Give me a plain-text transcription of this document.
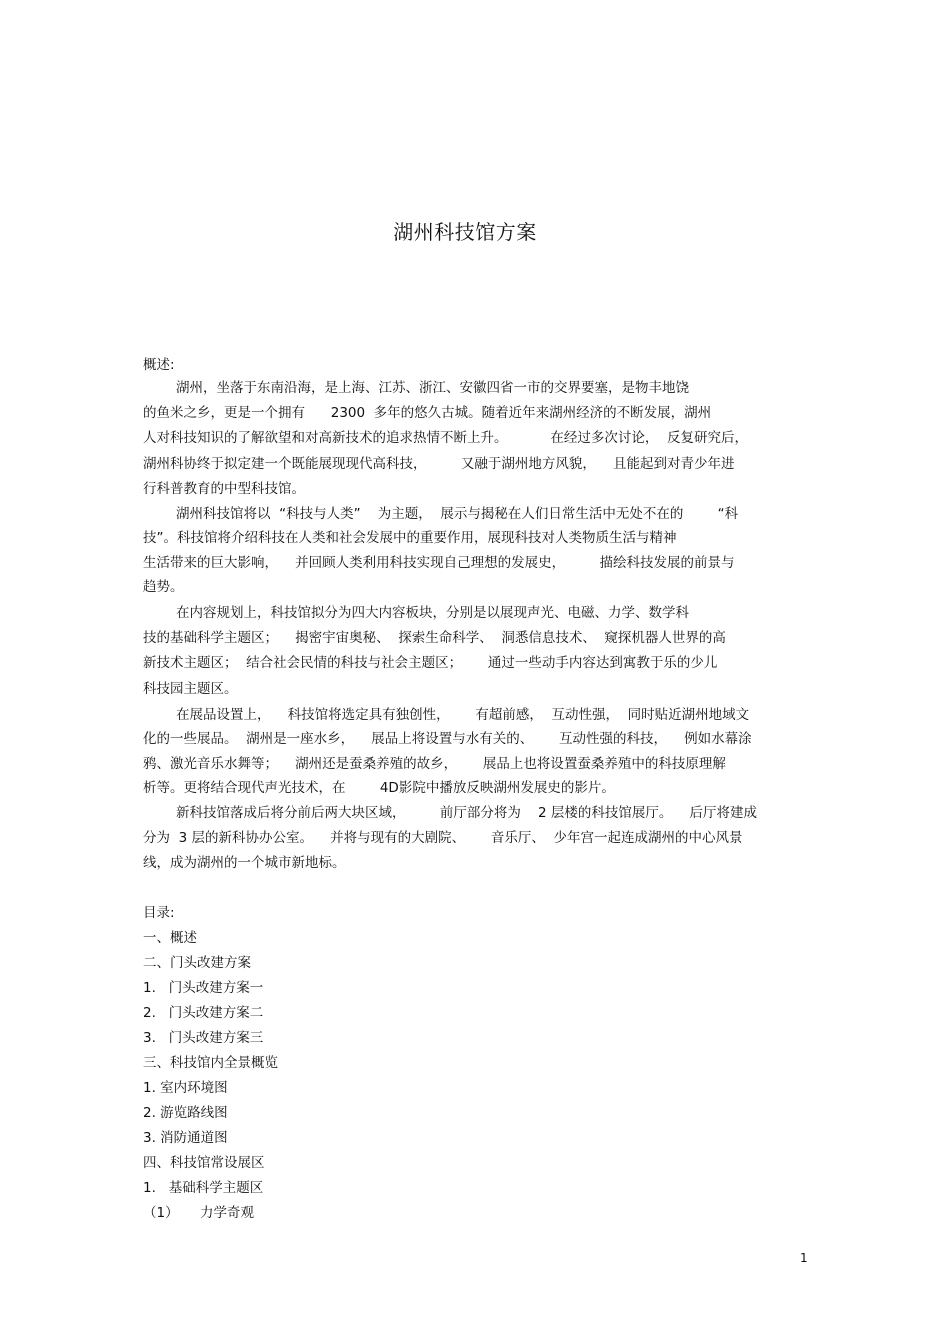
湖州科技馆方案
概述:
湖州，坐落于东南沿海，是上海、江苏、浙江、安徽四省一市的交界要塞，是物丰地饶
的鱼米之乡，更是一个拥有      2300  多年的悠久古城。随着近年来湖州经济的不断发展，湖州
人对科技知识的了解欲望和对高新技术的追求热情不断上升。          在经过多次讨论，  反复研究后，
湖州科协终于拟定建一个既能展现现代高科技，        又融于湖州地方风貌，    且能起到对青少年进
行科普教育的中型科技馆。
湖州科技馆将以  “科技与人类”    为主题，  展示与揭秘在人们日常生活中无处不在的        “科
技”。科技馆将介绍科技在人类和社会发展中的重要作用，展现科技对人类物质生活与精神
生活带来的巨大影响，    并回顾人类利用科技实现自己理想的发展史，        描绘科技发展的前景与
趋势。
在内容规划上，科技馆拟分为四大内容板块，分别是以展现声光、电磁、力学、数学科
技的基础科学主题区；    揭密宇宙奥秘、  探索生命科学、  洞悉信息技术、  窥探机器人世界的高
新技术主题区；  结合社会民情的科技与社会主题区；      通过一些动手内容达到寓教于乐的少儿
科技园主题区。
在展品设置上，    科技馆将选定具有独创性，      有超前感，  互动性强，  同时贴近湖州地域文
化的一些展品。  湖州是一座水乡，    展品上将设置与水有关的、      互动性强的科技，    例如水幕涂
鸦、激光音乐水舞等；    湖州还是蚕桑养殖的故乡，      展品上也将设置蚕桑养殖中的科技原理解
析等。更将结合现代声光技术，在        4D影院中播放反映湖州发展史的影片。
新科技馆落成后将分前后两大块区域，        前厅部分将为    2 层楼的科技馆展厅。    后厅将建成
分为  3 层的新科协办公室。    并将与现有的大剧院、      音乐厅、  少年宫一起连成湖州的中心风景
线，成为湖州的一个城市新地标。
目录:
一、概述
二、门头改建方案
1.   门头改建方案一
2.   门头改建方案二
3.   门头改建方案三
三、科技馆内全景概览
1. 室内环境图
2. 游览路线图
3. 消防通道图
四、科技馆常设展区
1.   基础科学主题区
（1）     力学奇观
1
